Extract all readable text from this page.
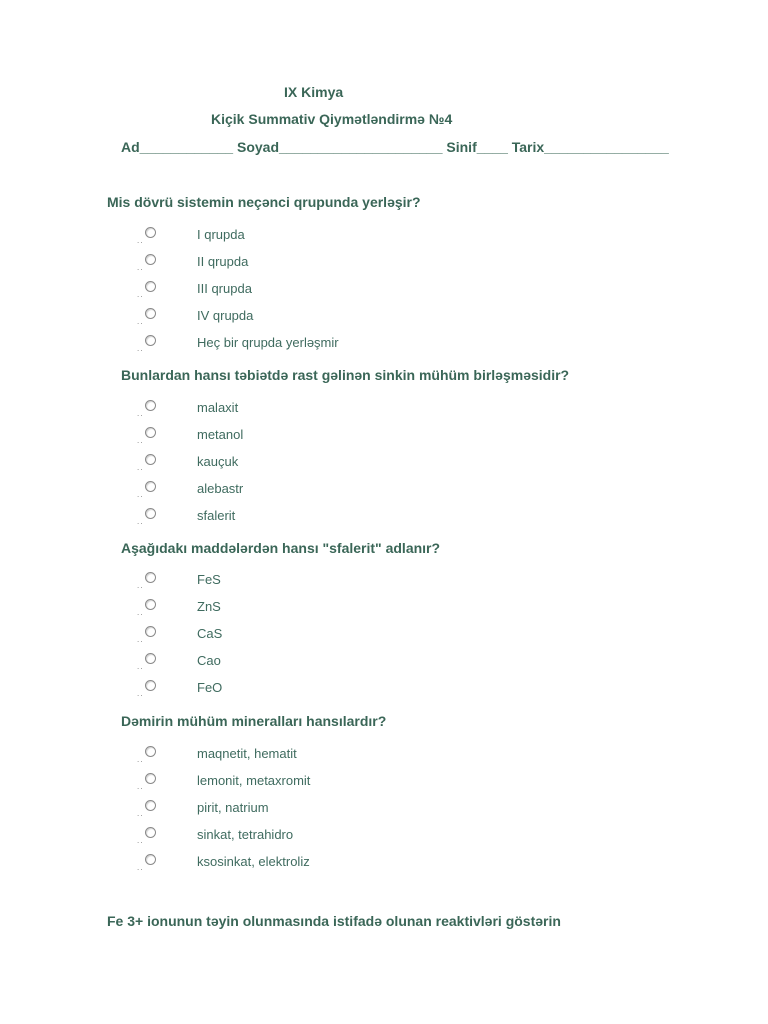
IX Kimya
Kiçik Summativ Qiymətləndirmə №4
Ad____________ Soyad_____________________ Sinif____ Tarix________________
Mis dövrü sistemin neçənci qrupunda yerləşir?
..	I qrupda
..	II qrupda
..	III qrupda
..	IV qrupda
..	Heç bir qrupda yerləşmir
Bunlardan hansı təbiətdə rast gəlinən sinkin mühüm birləşməsidir?
..	malaxit
..	metanol
..	kauçuk
..	alebastr
..	sfalerit
Aşağıdakı maddələrdən hansı "sfalerit" adlanır?
..	FeS
..	ZnS
..	CaS
..	Cao
..	FeO
Dəmirin mühüm mineralları hansılardır?
..	maqnetit, hematit
..	lemonit, metaxromit
..	pirit, natrium
..	sinkat, tetrahidro
..	ksosinkat, elektroliz
Fe 3+ ionunun təyin olunmasında istifadə olunan reaktivləri göstərin
